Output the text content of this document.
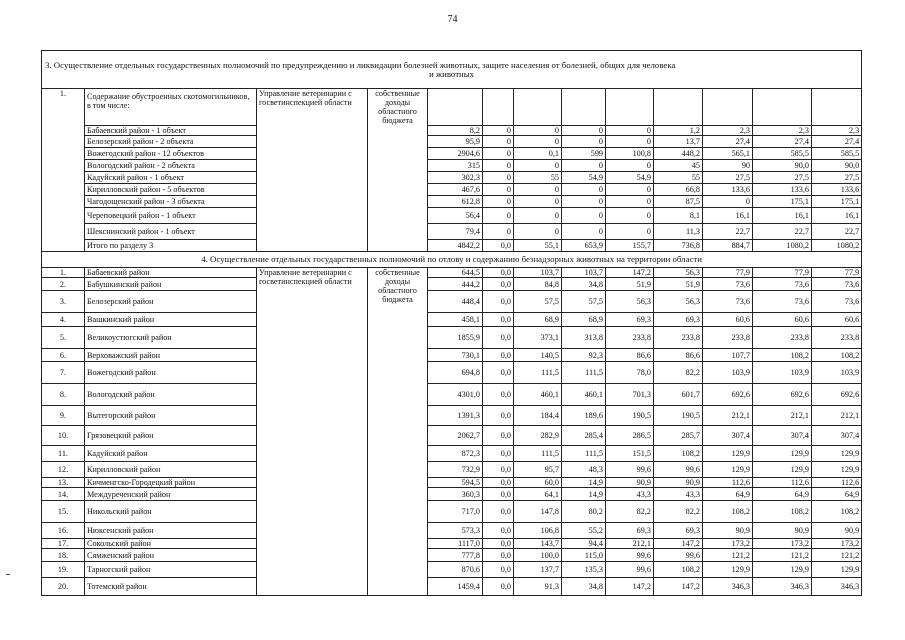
74
3. Осуществление отдельных государственных полномочий по предупреждению и ликвидации болезней животных, защите населения от болезней, общих для человека
и животных												

1.	Содержание обустроенных скотомогильников, в том числе:	Управление ветеринарии с госветинспекцией области	собственные доходы областного бюджета									
	Бабаевский район - 1 объект			8,2	0	0	0	0	1,2	2,3	2,3	2,3
	Белозерский район - 2 объекта			95,9	0	0	0	0	13,7	27,4	27,4	27,4
	Вожегодский район - 12 объектов			2904,6	0	0,1	599	100,8	448,2	565,1	585,5	585,5
	Вологодский район - 2 объекта			315	0	0	0	0	45	90	90,0	90,0
	Кадуйский район - 1 объект			302,3	0	55	54,9	54,9	55	27,5	27,5	27,5
	Кирилловский район - 5 объектов			467,6	0	0	0	0	66,8	133,6	133,6	133,6
	Чагодощенский район - 3 объекта			612,8	0	0	0	0	87,5	0	175,1	175,1
	Череповецкий район - 1 объект			56,4	0	0	0	0	8,1	16,1	16,1	16,1
	Шекснинский район - 1 объект			79,4	0	0	0	0	11,3	22,7	22,7	22,7
	Итого по разделу 3			4842,2	0,0	55,1	653,9	155,7	736,8	884,7	1080,2	1080,2
4. Осуществление отдельных государственных полномочий по отлову и содержанию безнадзорных животных на территории области												
1.	Бабаевский район	Управление ветеринарии с госветинспекцией области	собственные доходы областного бюджета	644,5	0,0	103,7	103,7	147,2	56,3	77,9	77,9	77,9
2.	Бабушкинский район			444,2	0,0	84,8	34,8	51,9	51,9	73,6	73,6	73,6
3.	Белозерский район			448,4	0,0	57,5	57,5	56,3	56,3	73,6	73,6	73,6
4.	Вашкинский район			458,1	0,0	68,9	68,9	69,3	69,3	60,6	60,6	60,6
5.	Великоустюгский район			1855,9	0,0	373,1	313,8	233,8	233,8	233,8	233,8	233,8
6.	Верховажский район			730,1	0,0	140,5	92,3	86,6	86,6	107,7	108,2	108,2
7.	Вожегодский район			694,8	0,0	111,5	111,5	78,0	82,2	103,9	103,9	103,9
8.	Вологодский район			4301,0	0,0	460,1	460,1	701,3	601,7	692,6	692,6	692,6
9.	Вытегорский район			1391,3	0,0	184,4	189,6	190,5	190,5	212,1	212,1	212,1
10.	Грязовецкий район			2062,7	0,0	282,9	285,4	286,5	285,7	307,4	307,4	307,4
11.	Кадуйский район			872,3	0,0	111,5	111,5	151,5	108,2	129,9	129,9	129,9
12.	Кирилловский район			732,9	0,0	95,7	48,3	99,6	99,6	129,9	129,9	129,9
13.	Кичменгско-Городецкий район			594,5	0,0	60,0	14,9	90,9	90,9	112,6	112,6	112,6
14.	Междуреченский район			360,3	0,0	64,1	14,9	43,3	43,3	64,9	64,9	64,9
15.	Никольский район			717,0	0,0	147,8	80,2	82,2	82,2	108,2	108,2	108,2
16.	Нюксенский район			573,3	0,0	106,8	55,2	69,3	69,3	90,9	90,9	90,9
17.	Сокольский район			1117,0	0,0	143,7	94,4	212,1	147,2	173,2	173,2	173,2
18.	Сямженский район			777,8	0,0	100,0	115,0	99,6	99,6	121,2	121,2	121,2
19.	Тарногский район			870,6	0,0	137,7	135,3	99,6	108,2	129,9	129,9	129,9
20.	Тотемский район			1459,4	0,0	91,3	34,8	147,2	147,2	346,3	346,3	346,3
